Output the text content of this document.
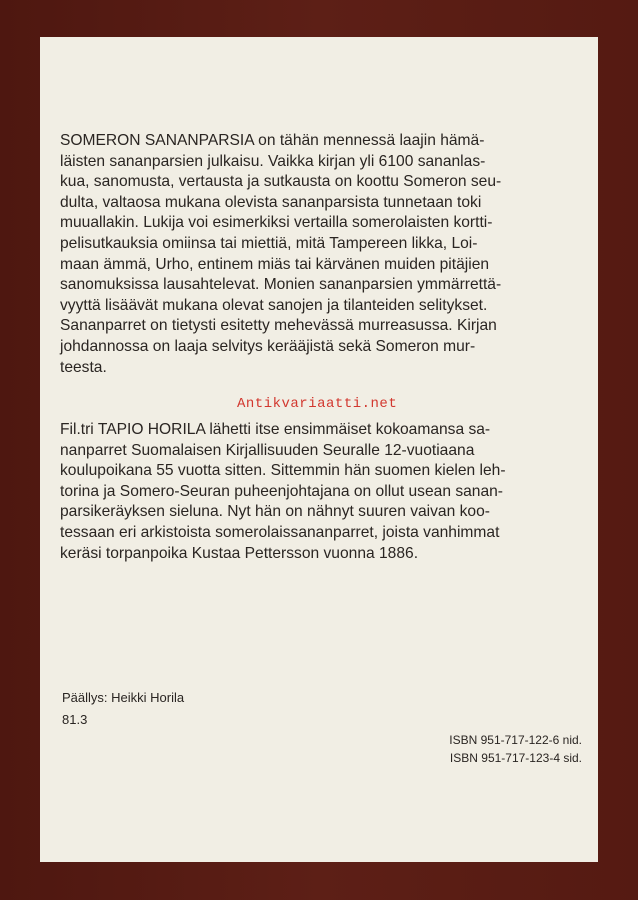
SOMERON SANANPARSIA on tähän mennessä laajin hämä-
läisten sananparsien julkaisu. Vaikka kirjan yli 6100 sananlas-
kua, sanomusta, vertausta ja sutkausta on koottu Someron seu-
dulta, valtaosa mukana olevista sananparsista tunnetaan toki
muuallakin. Lukija voi esimerkiksi vertailla somerolaisten kortti-
pelisutkauksia omiinsa tai miettiä, mitä Tampereen likka, Loi-
maan ämmä, Urho, entinem miäs tai kärvänen muiden pitäjien
sanomuksissa lausahtelevat. Monien sananparsien ymmärrettä-
vyyttä lisäävät mukana olevat sanojen ja tilanteiden selitykset.
Sananparret on tietysti esitetty mehevässä murreasussa. Kirjan
johdannossa on laaja selvitys kerääjistä sekä Someron mur-
teesta.
Antikvariaatti.net
Fil.tri TAPIO HORILA lähetti itse ensimmäiset kokoamansa sa-
nanparret Suomalaisen Kirjallisuuden Seuralle 12-vuotiaana
koulupoikana 55 vuotta sitten. Sittemmin hän suomen kielen leh-
torina ja Somero-Seuran puheenjohtajana on ollut usean sanan-
parsikeräyksen sieluna. Nyt hän on nähnyt suuren vaivan koo-
tessaan eri arkistoista somerolaissananparret, joista vanhimmat
keräsi torpanpoika Kustaa Pettersson vuonna 1886.
Päällys: Heikki Horila
81.3
ISBN 951-717-122-6 nid.
ISBN 951-717-123-4 sid.
